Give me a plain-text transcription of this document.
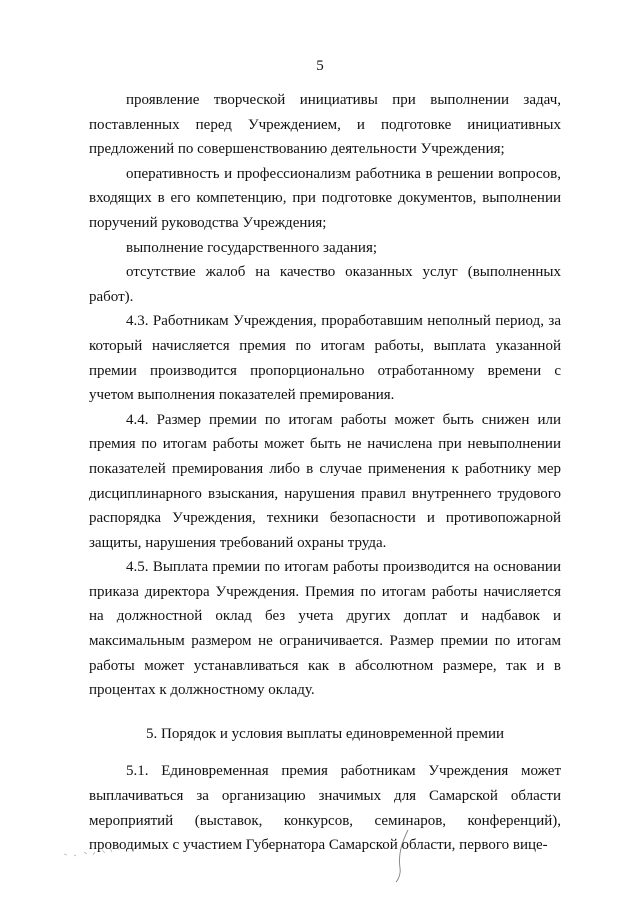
5

проявление творческой инициативы при выполнении задач, поставленных перед Учреждением, и подготовке инициативных предложений по совершенствованию деятельности Учреждения;

оперативность и профессионализм работника в решении вопросов, входящих в его компетенцию, при подготовке документов, выполнении поручений руководства Учреждения;

выполнение государственного задания;

отсутствие жалоб на качество оказанных услуг (выполненных работ).

4.3. Работникам Учреждения, проработавшим неполный период, за который начисляется премия по итогам работы, выплата указанной премии производится пропорционально отработанному времени с учетом выполнения показателей премирования.

4.4. Размер премии по итогам работы может быть снижен или премия по итогам работы может быть не начислена при невыполнении показателей премирования либо в случае применения к работнику мер дисциплинарного взыскания, нарушения правил внутреннего трудового распорядка Учреждения, техники безопасности и противопожарной защиты, нарушения требований охраны труда.

4.5. Выплата премии по итогам работы производится на основании приказа директора Учреждения. Премия по итогам работы начисляется на должностной оклад без учета других доплат и надбавок и максимальным размером не ограничивается. Размер премии по итогам работы может устанавливаться как в абсолютном размере, так и в процентах к должностному окладу.

5. Порядок и условия выплаты единовременной премии

5.1. Единовременная премия работникам Учреждения может выплачиваться за организацию значимых для Самарской области мероприятий (выставок, конкурсов, семинаров, конференций), проводимых с участием Губернатора Самарской области, первого вице-
